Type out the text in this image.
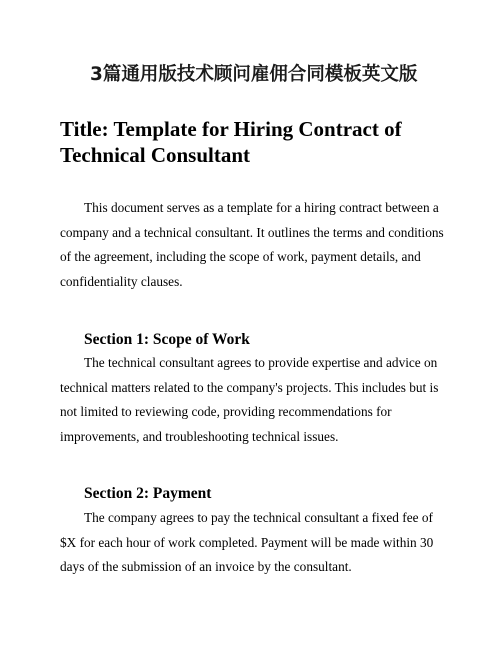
3篇通用版技术顾问雇佣合同模板英文版
Title: Template for Hiring Contract of Technical Consultant

This document serves as a template for a hiring contract between a company and a technical consultant. It outlines the terms and conditions of the agreement, including the scope of work, payment details, and confidentiality clauses.

Section 1: Scope of Work

The technical consultant agrees to provide expertise and advice on technical matters related to the company's projects. This includes but is not limited to reviewing code, providing recommendations for improvements, and troubleshooting technical issues.

Section 2: Payment

The company agrees to pay the technical consultant a fixed fee of $X for each hour of work completed. Payment will be made within 30 days of the submission of an invoice by the consultant.
